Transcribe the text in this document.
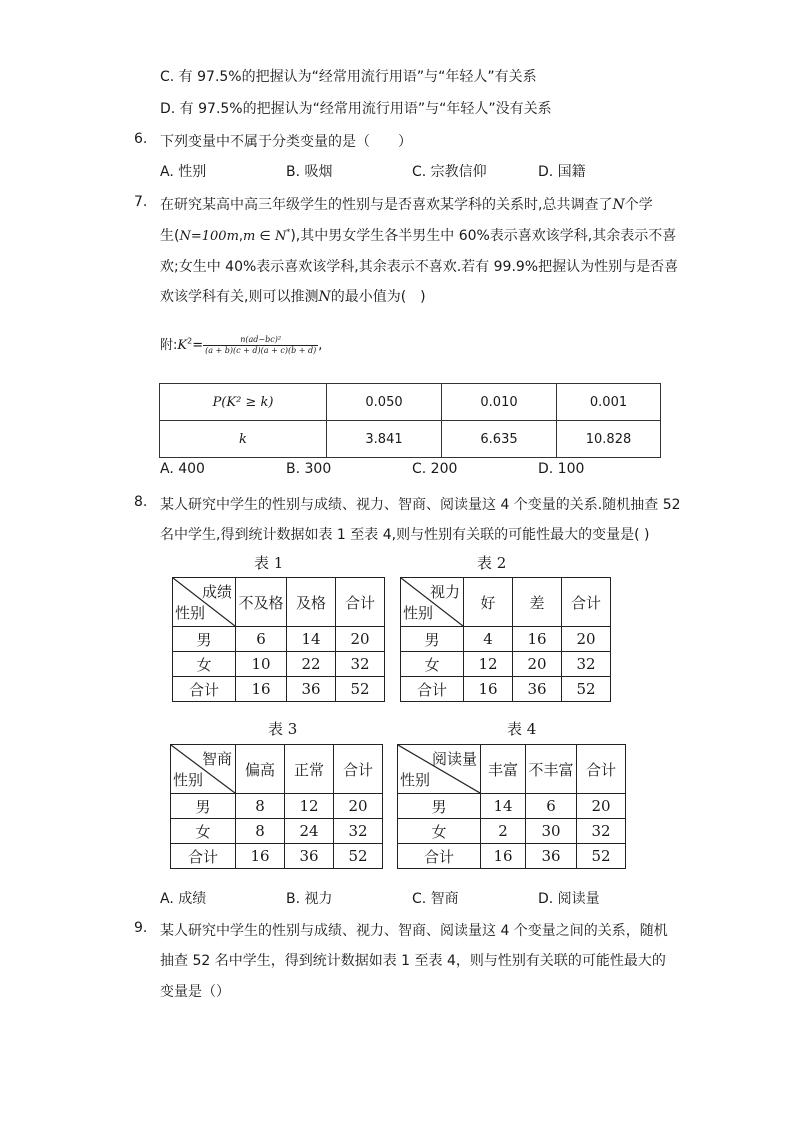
C. 有 97.5%的把握认为“经常用流行用语”与“年轻人”有关系
D. 有 97.5%的把握认为“经常用流行用语”与“年轻人”没有关系
6. 下列变量中不属于分类变量的是（　　）
A. 性别	B. 吸烟	C. 宗教信仰	D. 国籍
7. 在研究某高中高三年级学生的性别与是否喜欢某学科的关系时,总共调查了N个学
生(N=100m,m ∈ N*),其中男女学生各半男生中 60%表示喜欢该学科,其余表示不喜
欢;女生中 40%表示喜欢该学科,其余表示不喜欢.若有 99.9%把握认为性别与是否喜
欢该学科有关,则可以推测N的最小值为(　)
附$:K^2= \frac{\text{n(ad−bc)²}}{(a + b)(c + d)(a + c)(b + d)}$ ,
P(K² ≥ k)	0.050	0.010	0.001
k	3.841	6.635	10.828
A. 400	B. 300	C. 200	D. 100
8. 某人研究中学生的性别与成绩、视力、智商、阅读量这 4 个变量的关系.随机抽查 52
名中学生,得到统计数据如表 1 至表 4,则与性别有关联的可能性最大的变量是( )
表 1
成绩
性别	不及格	及格	合计
男	6	14	20
女	10	22	32
合计	16	36	52
表 2
视力
性别	好	差	合计
男	4	16	20
女	12	20	32
合计	16	36	52
表 3
智商
性别	偏高	正常	合计
男	8	12	20
女	8	24	32
合计	16	36	52
表 4
阅读量
性别	丰富	不丰富	合计
男	14	6	20
女	2	30	32
合计	16	36	52
A. 成绩	B. 视力	C. 智商	D. 阅读量
9. 某人研究中学生的性别与成绩、视力、智商、阅读量这 4 个变量之间的关系，随机
抽查 52 名中学生，得到统计数据如表 1 至表 4，则与性别有关联的可能性最大的
变量是（）
